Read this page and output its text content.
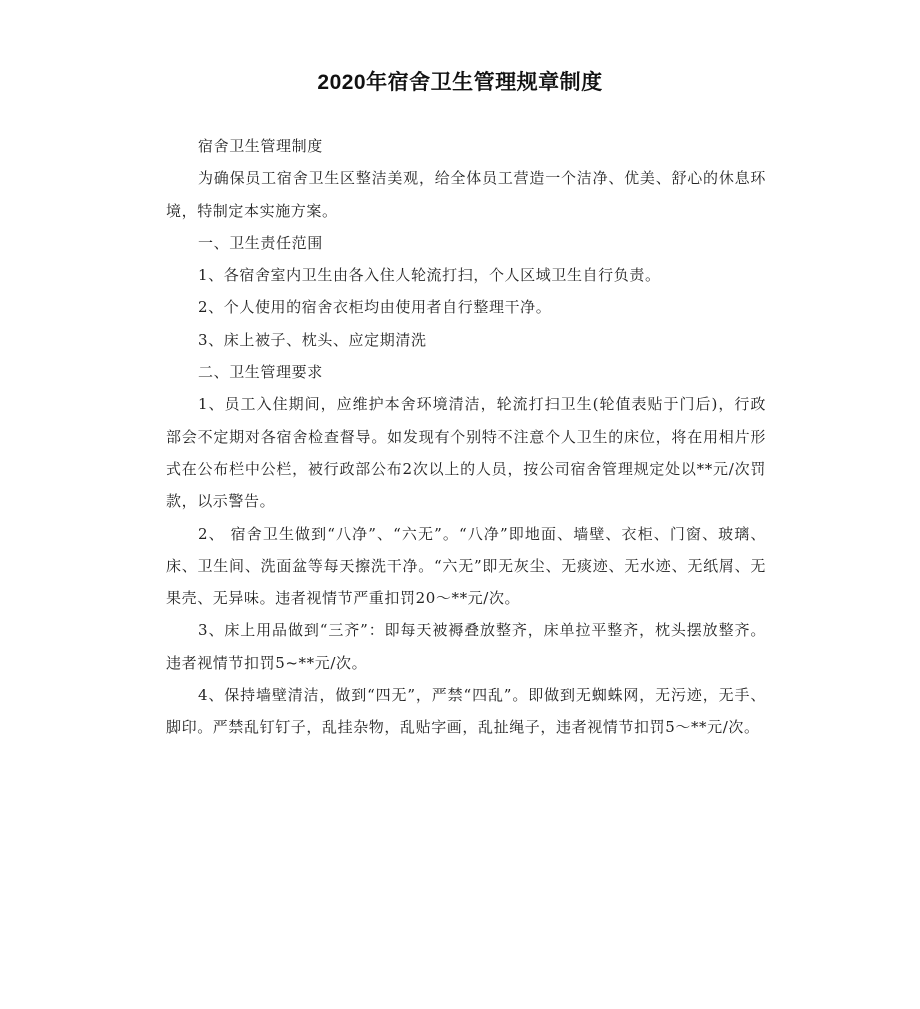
2020年宿舍卫生管理规章制度

宿舍卫生管理制度

为确保员工宿舍卫生区整洁美观，给全体员工营造一个洁净、优美、舒心的休息环境，特制定本实施方案。

一、卫生责任范围

1、各宿舍室内卫生由各入住人轮流打扫，个人区域卫生自行负责。

2、个人使用的宿舍衣柜均由使用者自行整理干净。

3、床上被子、枕头、应定期清洗

二、卫生管理要求

1、员工入住期间，应维护本舍环境清洁，轮流打扫卫生(轮值表贴于门后)，行政部会不定期对各宿舍检查督导。如发现有个别特不注意个人卫生的床位，将在用相片形式在公布栏中公栏，被行政部公布2次以上的人员，按公司宿舍管理规定处以**元/次罚款，以示警告。

2、 宿舍卫生做到“八净”、“六无”。“八净”即地面、墙壁、衣柜、门窗、玻璃、床、卫生间、洗面盆等每天擦洗干净。“六无”即无灰尘、无痰迹、无水迹、无纸屑、无果壳、无异味。违者视情节严重扣罚20～**元/次。

3、床上用品做到“三齐”：即每天被褥叠放整齐，床单拉平整齐，枕头摆放整齐。违者视情节扣罚5~**元/次。

4、保持墙壁清洁，做到“四无”，严禁“四乱”。即做到无蜘蛛网，无污迹，无手、脚印。严禁乱钉钉子，乱挂杂物，乱贴字画，乱扯绳子，违者视情节扣罚5～**元/次。
